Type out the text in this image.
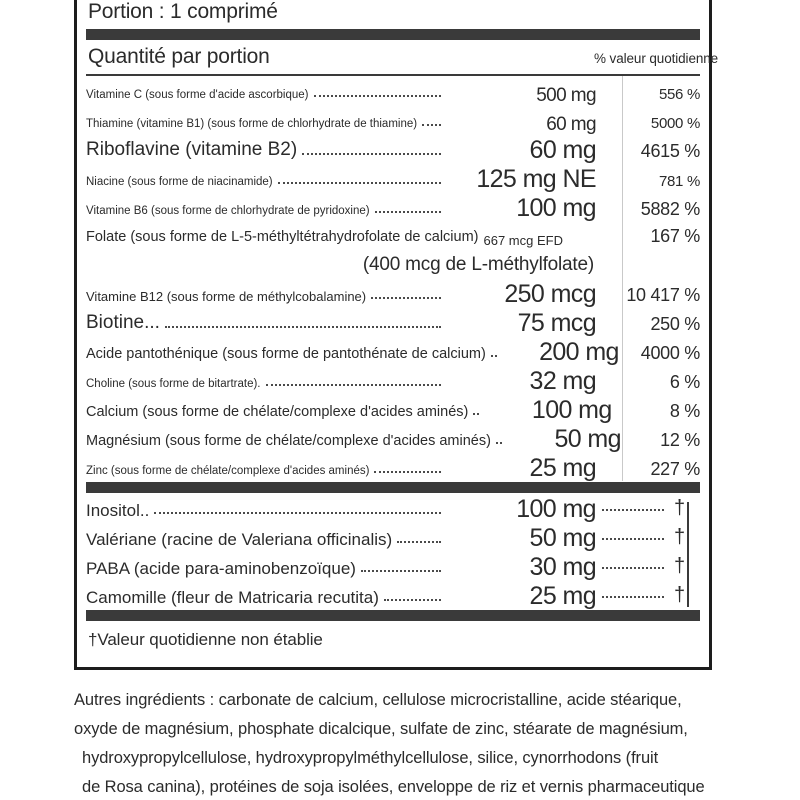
Portion : 1 comprimé
Quantité par portion	% valeur quotidienne
Vitamine C (sous forme d'acide ascorbique)	500 mg	556 %
Thiamine (vitamine B1) (sous forme de chlorhydrate de thiamine)	60 mg	5000 %
Riboflavine (vitamine B2)	60 mg	4615 %
Niacine (sous forme de niacinamide)	125 mg NE	781 %
Vitamine B6 (sous forme de chlorhydrate de pyridoxine)	100 mg	5882 %
Folate (sous forme de L-5-méthyltétrahydrofolate de calcium) 667 mcg EFD	167 %
(400 mcg de L-méthylfolate)
Vitamine B12 (sous forme de méthylcobalamine)	250 mcg	10 417 %
Biotine...	75 mcg	250 %
Acide pantothénique (sous forme de pantothénate de calcium)	200 mg	4000 %
Choline (sous forme de bitartrate).	32 mg	6 %
Calcium (sous forme de chélate/complexe d'acides aminés)	100 mg	8 %
Magnésium (sous forme de chélate/complexe d'acides aminés)	50 mg	12 %
Zinc (sous forme de chélate/complexe d'acides aminés)	25 mg	227 %
Inositol..	100 mg	†
Valériane (racine de Valeriana officinalis)	50 mg	†
PABA (acide para-aminobenzoïque)	30 mg	†
Camomille (fleur de Matricaria recutita)	25 mg	†
†Valeur quotidienne non établie

Autres ingrédients : carbonate de calcium, cellulose microcristalline, acide stéarique,

oxyde de magnésium, phosphate dicalcique, sulfate de zinc, stéarate de magnésium,

hydroxypropylcellulose, hydroxypropylméthylcellulose, silice, cynorrhodons (fruit

de Rosa canina), protéines de soja isolées, enveloppe de riz et vernis pharmaceutique
